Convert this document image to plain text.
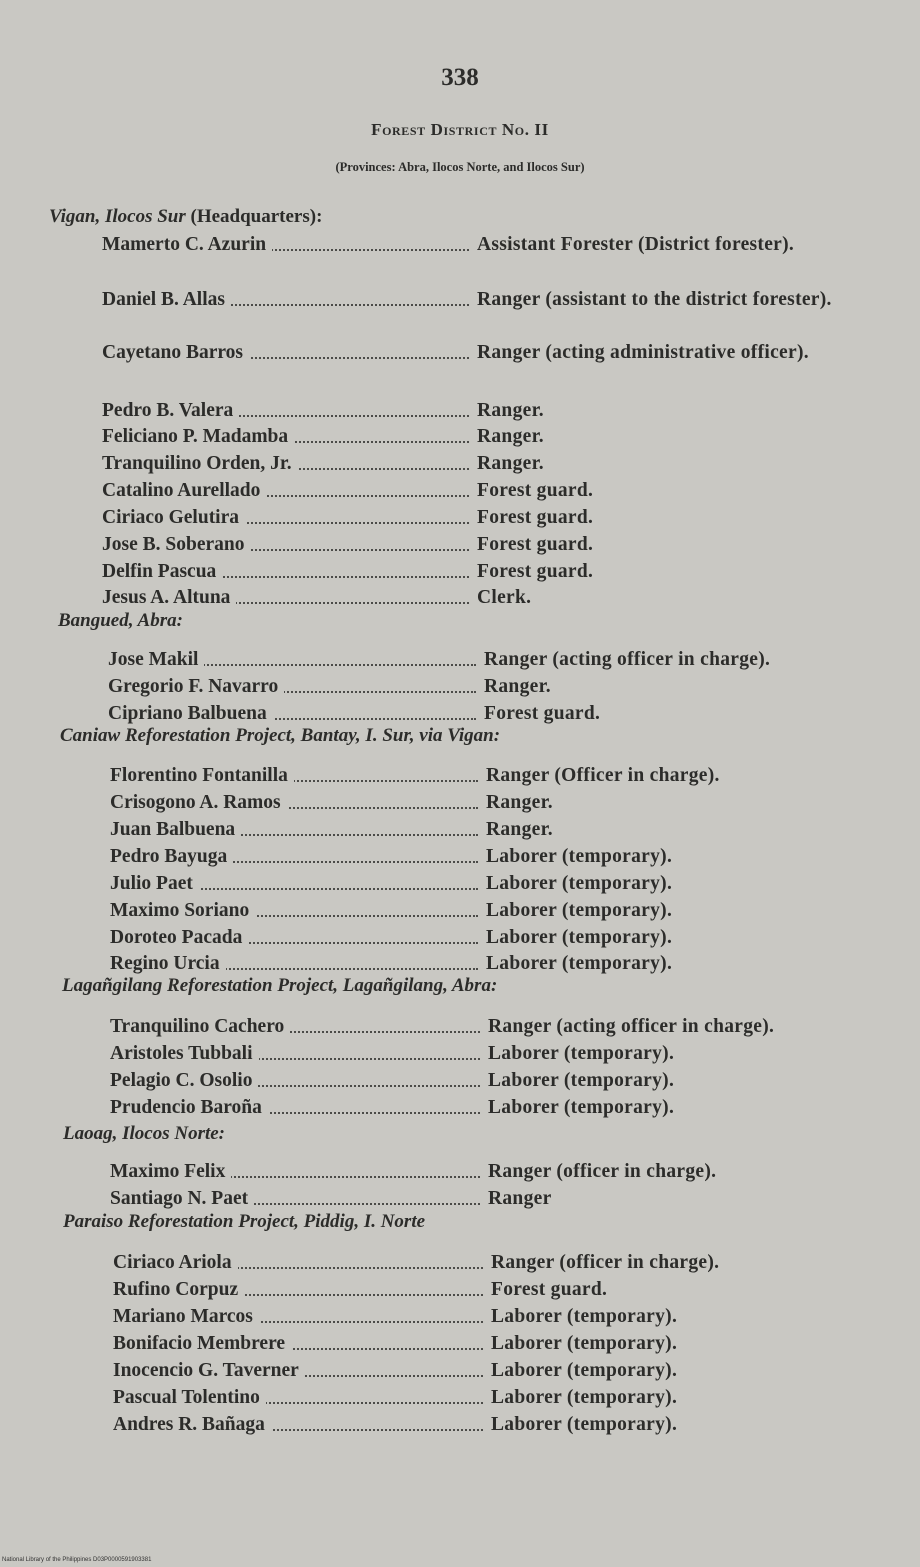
338
Forest District No. II
(Provinces: Abra, Ilocos Norte, and Ilocos Sur)
Vigan, Ilocos Sur (Headquarters):
Mamerto C. Azurin	Assistant Forester (District forester).
Daniel B. Allas	Ranger (assistant to the district forester).
Cayetano Barros	Ranger (acting administrative officer).
Pedro B. Valera	Ranger.
Feliciano P. Madamba	Ranger.
Tranquilino Orden, Jr.	Ranger.
Catalino Aurellado	Forest guard.
Ciriaco Gelutira	Forest guard.
Jose B. Soberano	Forest guard.
Delfin Pascua	Forest guard.
Jesus A. Altuna	Clerk.
Bangued, Abra:
Jose Makil	Ranger (acting officer in charge).
Gregorio F. Navarro	Ranger.
Cipriano Balbuena	Forest guard.
Caniaw Reforestation Project, Bantay, I. Sur, via Vigan:
Florentino Fontanilla	Ranger (Officer in charge).
Crisogono A. Ramos	Ranger.
Juan Balbuena	Ranger.
Pedro Bayuga	Laborer (temporary).
Julio Paet	Laborer (temporary).
Maximo Soriano	Laborer (temporary).
Doroteo Pacada	Laborer (temporary).
Regino Urcia	Laborer (temporary).
Lagañgilang Reforestation Project, Lagañgilang, Abra:
Tranquilino Cachero	Ranger (acting officer in charge).
Aristoles Tubbali	Laborer (temporary).
Pelagio C. Osolio	Laborer (temporary).
Prudencio Baroña	Laborer (temporary).
Laoag, Ilocos Norte:
Maximo Felix	Ranger (officer in charge).
Santiago N. Paet	Ranger
Paraiso Reforestation Project, Piddig, I. Norte
Ciriaco Ariola	Ranger (officer in charge).
Rufino Corpuz	Forest guard.
Mariano Marcos	Laborer (temporary).
Bonifacio Membrere	Laborer (temporary).
Inocencio G. Taverner	Laborer (temporary).
Pascual Tolentino	Laborer (temporary).
Andres R. Bañaga	Laborer (temporary).
National Library of the Philippines D03P0000591903381
